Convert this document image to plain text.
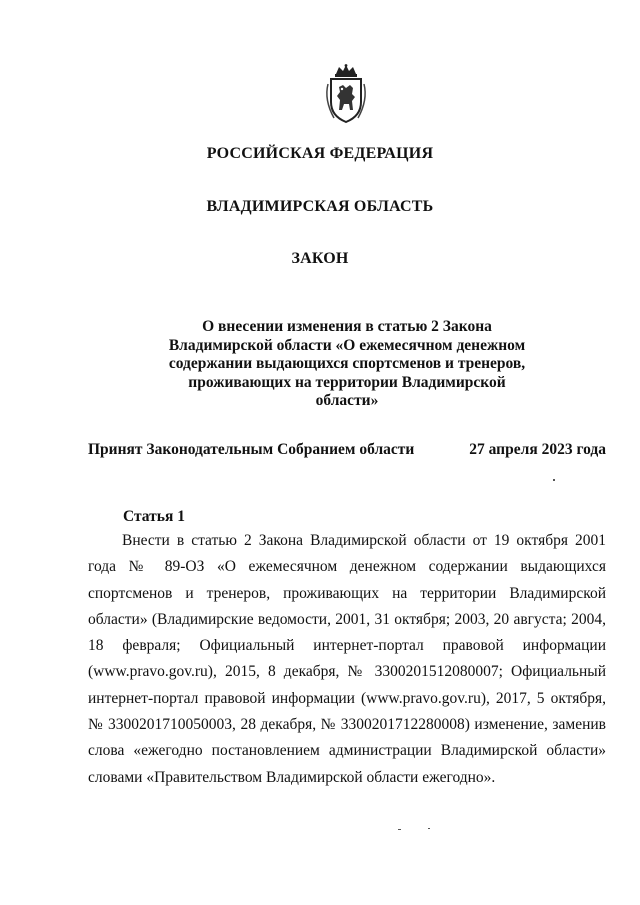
РОССИЙСКАЯ ФЕДЕРАЦИЯ
ВЛАДИМИРСКАЯ ОБЛАСТЬ
ЗАКОН
О внесении изменения в статью 2 Закона Владимирской области «О ежемесячном денежном содержании выдающихся спортсменов и тренеров, проживающих на территории Владимирской области»
Принят Законодательным Собранием области	27 апреля 2023 года
Статья 1

Внести в статью 2 Закона Владимирской области от 19 октября 2001 года № 89-ОЗ «О ежемесячном денежном содержании выдающихся спортсменов и тренеров, проживающих на территории Владимирской области» (Владимирские ведомости, 2001, 31 октября; 2003, 20 августа; 2004, 18 февраля; Официальный интернет-портал правовой информации (www.pravo.gov.ru), 2015, 8 декабря, № 3300201512080007; Официальный интернет-портал правовой информации (www.pravo.gov.ru), 2017, 5 октября, № 3300201710050003, 28 декабря, № 3300201712280008) изменение, заменив слова «ежегодно постановлением администрации Владимирской области» словами «Правительством Владимирской области ежегодно».
